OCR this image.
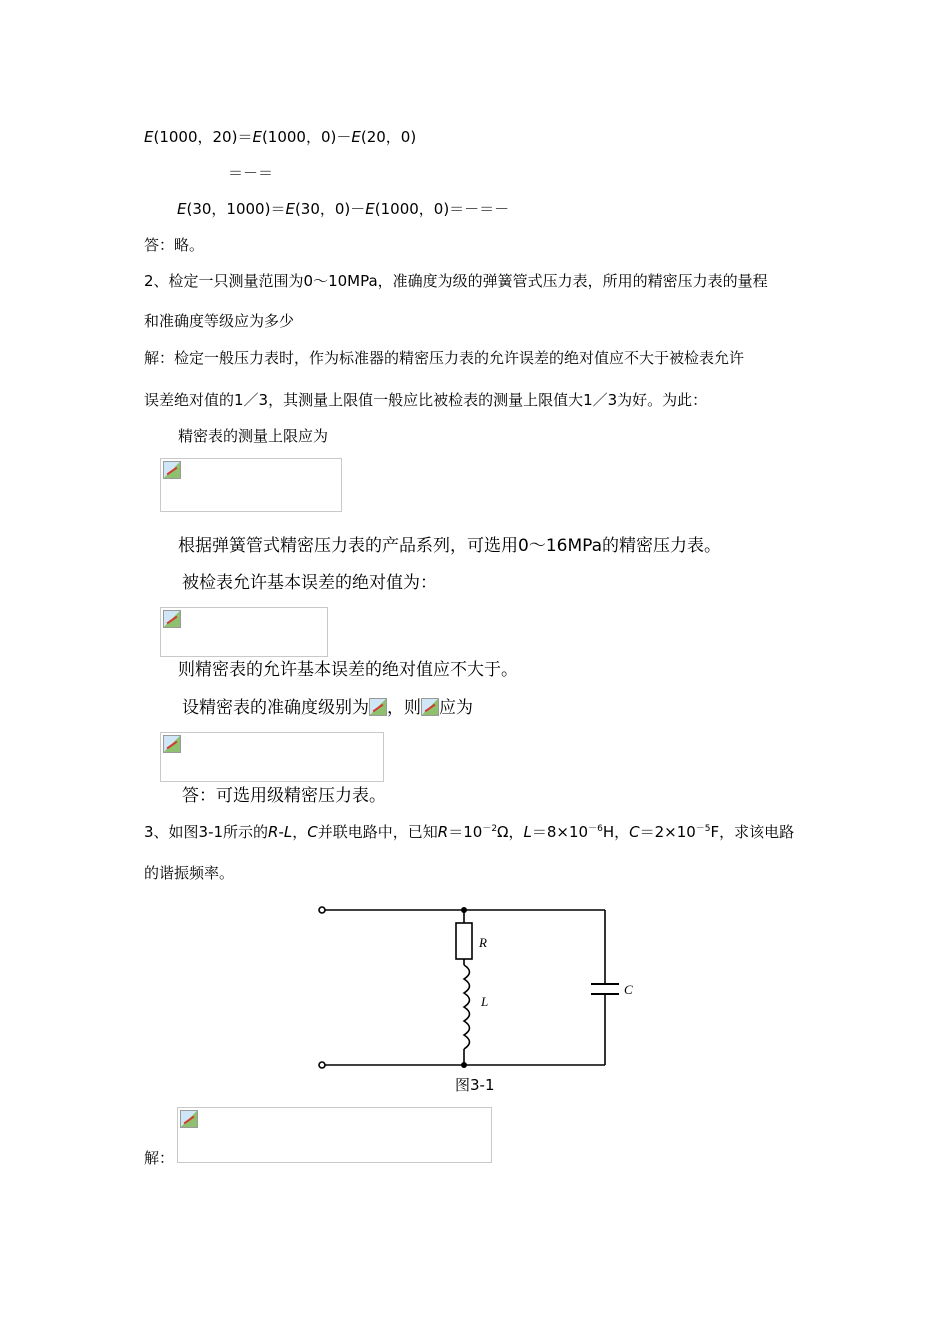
E(1000，20)＝E(1000，0)－E(20，0)
＝－＝
E(30，1000)＝E(30，0)－E(1000，0)＝－＝－
答：略。
2、检定一只测量范围为0～10MPa，准确度为级的弹簧管式压力表，所用的精密压力表的量程
和准确度等级应为多少
解：检定一般压力表时，作为标准器的精密压力表的允许误差的绝对值应不大于被检表允许
误差绝对值的1／3，其测量上限值一般应比被检表的测量上限值大1／3为好。为此：
精密表的测量上限应为
根据弹簧管式精密压力表的产品系列，可选用0～16MPa的精密压力表。
被检表允许基本误差的绝对值为：
则精密表的允许基本误差的绝对值应不大于。
设精密表的准确度级别为 ，则 应为
答：可选用级精密压力表。
3、如图3-1所示的R-L，C并联电路中，已知$R=10^{-2}\Omega$，$L=8\times 10^{-6}H$，$C=2\times 10^{-5}F$，求该电路
的谐振频率。
R
L
C
图3-1
解：
